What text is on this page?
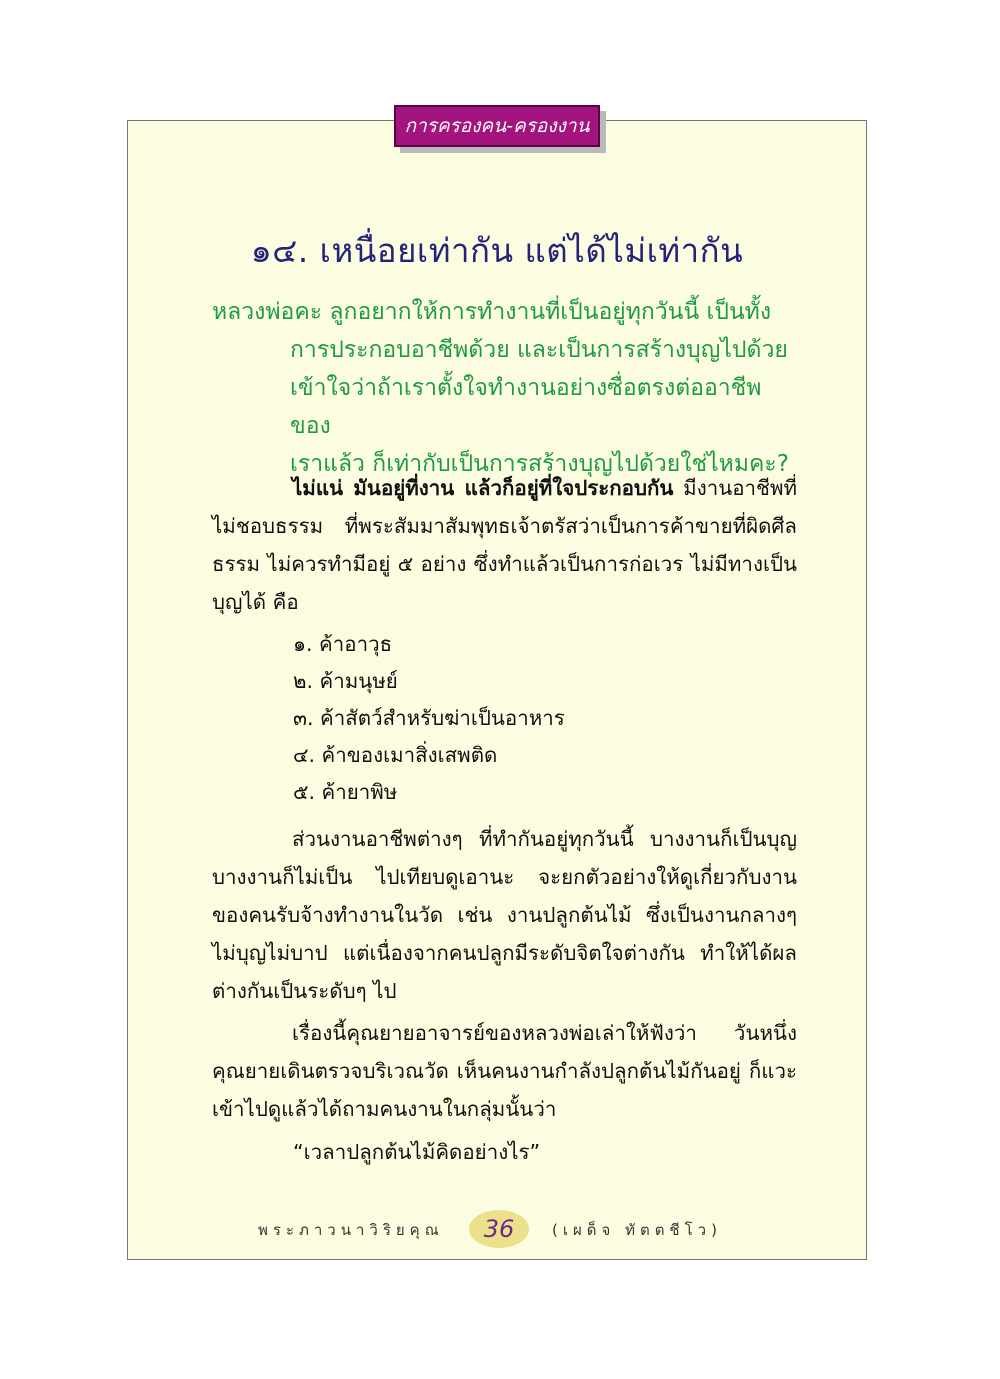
การครองคน-ครองงาน
๑๔. เหนื่อยเท่ากัน แต่ได้ไม่เท่ากัน
หลวงพ่อคะ ลูกอยากให้การทำงานที่เป็นอยู่ทุกวันนี้ เป็นทั้ง
การประกอบอาชีพด้วย และเป็นการสร้างบุญไปด้วย
เข้าใจว่าถ้าเราตั้งใจทำงานอย่างซื่อตรงต่ออาชีพของ
เราแล้ว ก็เท่ากับเป็นการสร้างบุญไปด้วยใช่ไหมคะ?
ไม่แน่ มันอยู่ที่งาน แล้วก็อยู่ที่ใจประกอบกัน มีงานอาชีพที่ไม่ชอบธรรม ที่พระสัมมาสัมพุทธเจ้าตรัสว่าเป็นการค้าขายที่ผิดศีลธรรม ไม่ควรทำมีอยู่ ๕ อย่าง ซึ่งทำแล้วเป็นการก่อเวร ไม่มีทางเป็นบุญได้ คือ
๑. ค้าอาวุธ
๒. ค้ามนุษย์
๓. ค้าสัตว์สำหรับฆ่าเป็นอาหาร
๔. ค้าของเมาสิ่งเสพติด
๕. ค้ายาพิษ
ส่วนงานอาชีพต่างๆ ที่ทำกันอยู่ทุกวันนี้ บางงานก็เป็นบุญ บางงานก็ไม่เป็น ไปเทียบดูเอานะ จะยกตัวอย่างให้ดูเกี่ยวกับงานของคนรับจ้างทำงานในวัด เช่น งานปลูกต้นไม้ ซึ่งเป็นงานกลางๆ ไม่บุญไม่บาป แต่เนื่องจากคนปลูกมีระดับจิตใจต่างกัน ทำให้ได้ผลต่างกันเป็นระดับๆ ไป
เรื่องนี้คุณยายอาจารย์ของหลวงพ่อเล่าให้ฟังว่า วันหนึ่งคุณยายเดินตรวจบริเวณวัด เห็นคนงานกำลังปลูกต้นไม้กันอยู่ ก็แวะเข้าไปดูแล้วได้ถามคนงานในกลุ่มนั้นว่า
“เวลาปลูกต้นไม้คิดอย่างไร”
พระภาวนาวิริยคุณ	36	(เผด็จ ทัตตชีโว)
